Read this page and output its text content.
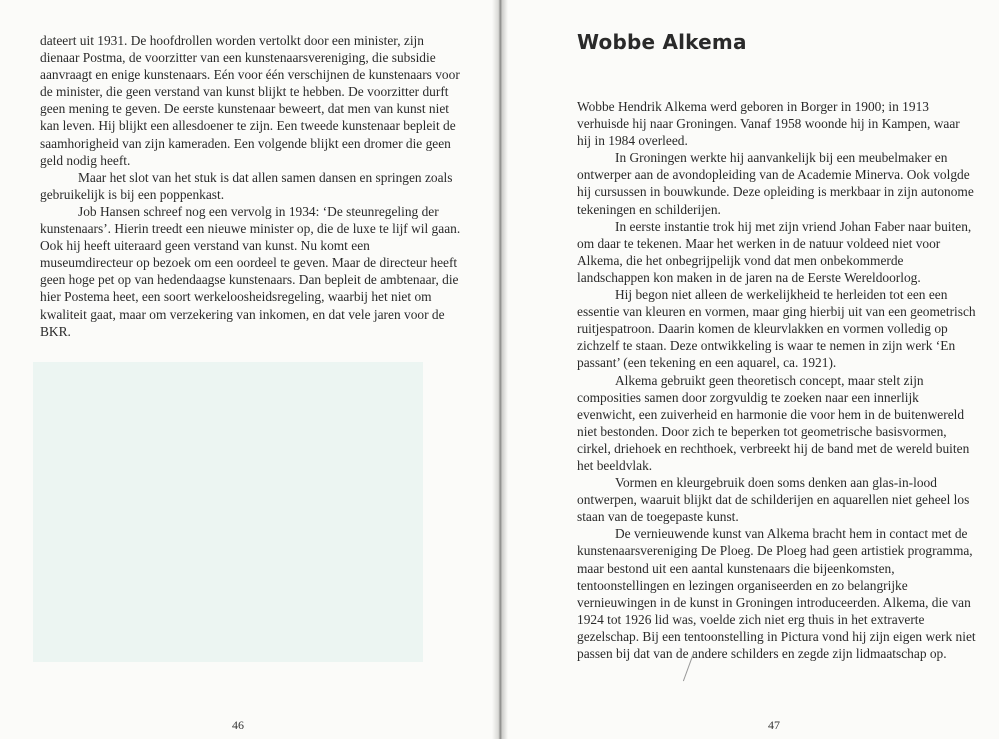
dateert uit 1931. De hoofdrollen worden vertolkt door een minister, zijn dienaar Postma, de voorzitter van een kunstenaarsvereniging, die subsidie aanvraagt en enige kunstenaars. Eén voor één verschijnen de kunstenaars voor de minister, die geen verstand van kunst blijkt te hebben. De voorzitter durft geen mening te geven. De eerste kunstenaar beweert, dat men van kunst niet kan leven. Hij blijkt een allesdoener te zijn. Een tweede kunstenaar bepleit de saamhorigheid van zijn kameraden. Een volgende blijkt een dromer die geen geld nodig heeft.

Maar het slot van het stuk is dat allen samen dansen en springen zoals gebruikelijk is bij een poppenkast.

Job Hansen schreef nog een vervolg in 1934: ‘De steunregeling der kunstenaars’. Hierin treedt een nieuwe minister op, die de luxe te lijf wil gaan. Ook hij heeft uiteraard geen verstand van kunst. Nu komt een museumdirecteur op bezoek om een oordeel te geven. Maar de directeur heeft geen hoge pet op van hedendaagse kunstenaars. Dan bepleit de ambtenaar, die hier Postema heet, een soort werkeloosheidsregeling, waarbij het niet om kwaliteit gaat, maar om verzekering van inkomen, en dat vele jaren voor de BKR.

46
Wobbe Alkema

Wobbe Hendrik Alkema werd geboren in Borger in 1900; in 1913 verhuisde hij naar Groningen. Vanaf 1958 woonde hij in Kampen, waar hij in 1984 overleed.

In Groningen werkte hij aanvankelijk bij een meubelmaker en ontwerper aan de avondopleiding van de Academie Minerva. Ook volgde hij cursussen in bouwkunde. Deze opleiding is merkbaar in zijn autonome tekeningen en schilderijen.

In eerste instantie trok hij met zijn vriend Johan Faber naar buiten, om daar te tekenen. Maar het werken in de natuur voldeed niet voor Alkema, die het onbegrijpelijk vond dat men onbekommerde landschappen kon maken in de jaren na de Eerste Wereldoorlog.

Hij begon niet alleen de werkelijkheid te herleiden tot een een essentie van kleuren en vormen, maar ging hierbij uit van een geometrisch ruitjespatroon. Daarin komen de kleurvlakken en vormen volledig op zichzelf te staan. Deze ontwikkeling is waar te nemen in zijn werk ‘En passant’ (een tekening en een aquarel, ca. 1921).

Alkema gebruikt geen theoretisch concept, maar stelt zijn composities samen door zorgvuldig te zoeken naar een innerlijk evenwicht, een zuiverheid en harmonie die voor hem in de buitenwereld niet bestonden. Door zich te beperken tot geometrische basisvormen, cirkel, driehoek en rechthoek, verbreekt hij de band met de wereld buiten het beeldvlak.

Vormen en kleurgebruik doen soms denken aan glas-in-lood ontwerpen, waaruit blijkt dat de schilderijen en aquarellen niet geheel los staan van de toegepaste kunst.

De vernieuwende kunst van Alkema bracht hem in contact met de kunstenaarsvereniging De Ploeg. De Ploeg had geen artistiek programma, maar bestond uit een aantal kunstenaars die bijeenkomsten, tentoonstellingen en lezingen organiseerden en zo belangrijke vernieuwingen in de kunst in Groningen introduceerden. Alkema, die van 1924 tot 1926 lid was, voelde zich niet erg thuis in het extraverte gezelschap. Bij een tentoonstelling in Pictura vond hij zijn eigen werk niet passen bij dat van de andere schilders en zegde zijn lidmaatschap op.

47
